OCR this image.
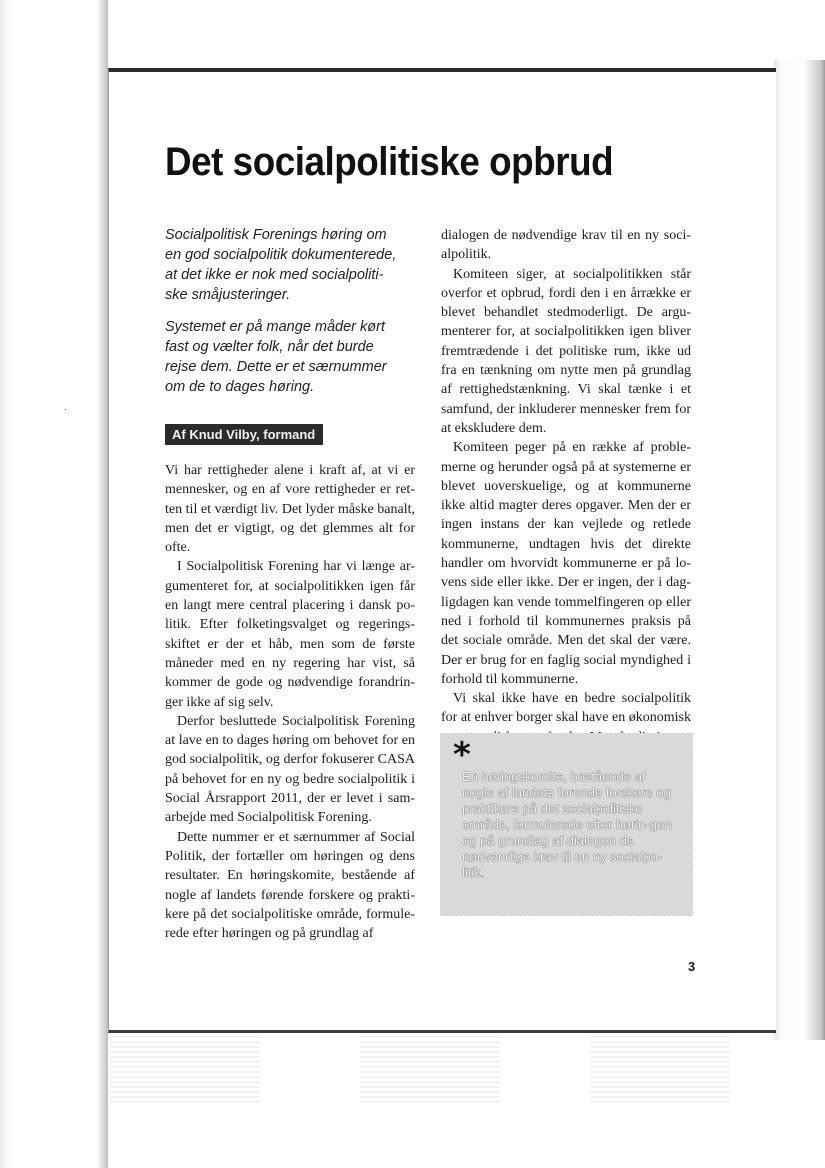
·
Det socialpolitiske opbrud

Socialpolitisk Forenings høring om en god socialpolitik dokumenterede, at det ikke er nok med socialpoliti-ske småjusteringer.

Systemet er på mange måder kørt fast og vælter folk, når det burde rejse dem. Dette er et særnummer om de to dages høring.

Af Knud Vilby, formand

Vi har rettigheder alene i kraft af, at vi er mennesker, og en af vore rettigheder er ret-ten til et værdigt liv. Det lyder måske banalt, men det er vigtigt, og det glemmes alt for ofte.

I Socialpolitisk Forening har vi længe ar-gumenteret for, at socialpolitikken igen får en langt mere central placering i dansk po-litik. Efter folketingsvalget og regerings-skiftet er der et håb, men som de første måneder med en ny regering har vist, så kommer de gode og nødvendige forandrin-ger ikke af sig selv.

Derfor besluttede Socialpolitisk Forening at lave en to dages høring om behovet for en god socialpolitik, og derfor fokuserer CASA på behovet for en ny og bedre socialpolitik i Social Årsrapport 2011, der er levet i sam-arbejde med Socialpolitisk Forening.

Dette nummer er et særnummer af Social Politik, der fortæller om høringen og dens resultater. En høringskomite, bestående af nogle af landets førende forskere og prakti-kere på det socialpolitiske område, formule-rede efter høringen og på grundlag af

dialogen de nødvendige krav til en ny soci-alpolitik.

Komiteen siger, at socialpolitikken står overfor et opbrud, fordi den i en årrække er blevet behandlet stedmoderligt. De argu-menterer for, at socialpolitikken igen bliver fremtrædende i det politiske rum, ikke ud fra en tænkning om nytte men på grundlag af rettighedstænkning. Vi skal tænke i et samfund, der inkluderer mennesker frem for at ekskludere dem.

Komiteen peger på en række af proble-merne og herunder også på at systemerne er blevet uoverskuelige, og at kommunerne ikke altid magter deres opgaver. Men der er ingen instans der kan vejlede og retlede kommunerne, undtagen hvis det direkte handler om hvorvidt kommunerne er på lo-vens side eller ikke. Der er ingen, der i dag-ligdagen kan vende tommelfingeren op eller ned i forhold til kommunernes praksis på det sociale område. Men det skal der være. Der er brug for en faglig social myndighed i forhold til kommunerne.

Vi skal ikke have en bedre socialpolitik for at enhver borger skal have en økonomisk

*
En høringskomite, bestående af nogle af landets førende forskere og praktikere på det socialpolitiske område, formulerede efter hørin-gen og på grundlag af dialogen de nødvendige krav til en ny socialpo-litik.
3
